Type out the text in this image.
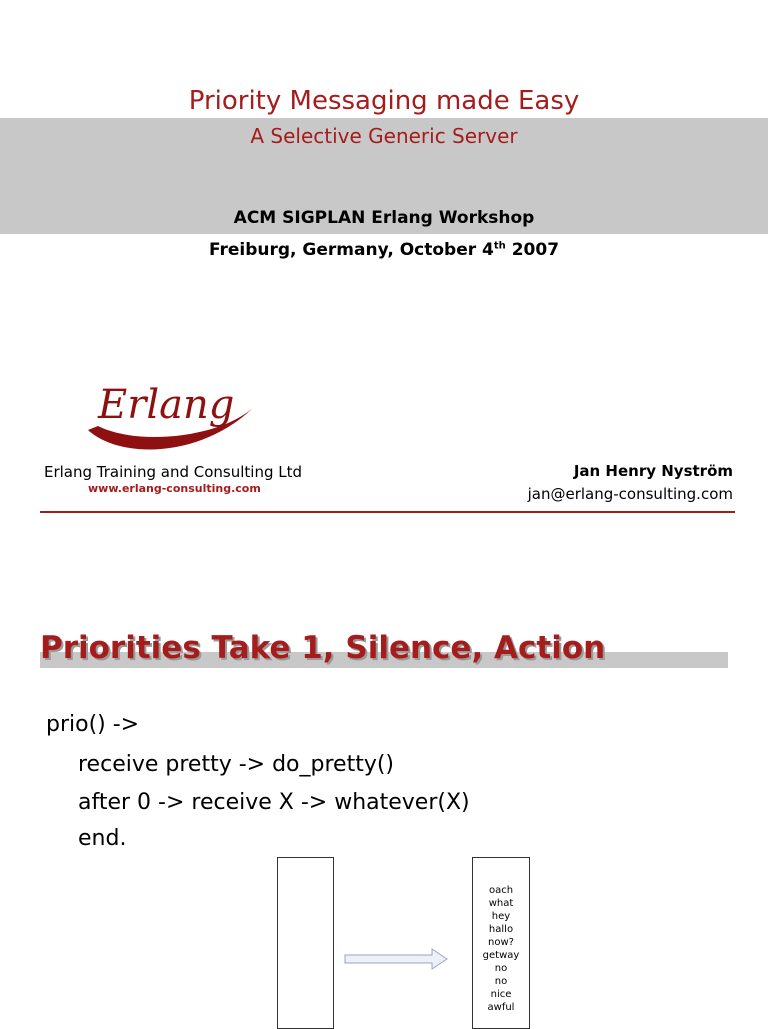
Priority Messaging made Easy
A Selective Generic Server
ACM SIGPLAN Erlang Workshop
Freiburg, Germany, October 4th 2007
Erlang
Erlang Training and Consulting Ltd
www.erlang-consulting.com
Jan Henry Nyström
jan@erlang-consulting.com
Priorities Take 1, Silence, Action
prio() ->
receive pretty -> do_pretty()
after 0 -> receive X -> whatever(X)
end.
oach
what
hey
hallo
now?
getway
no
no
nice
awful
